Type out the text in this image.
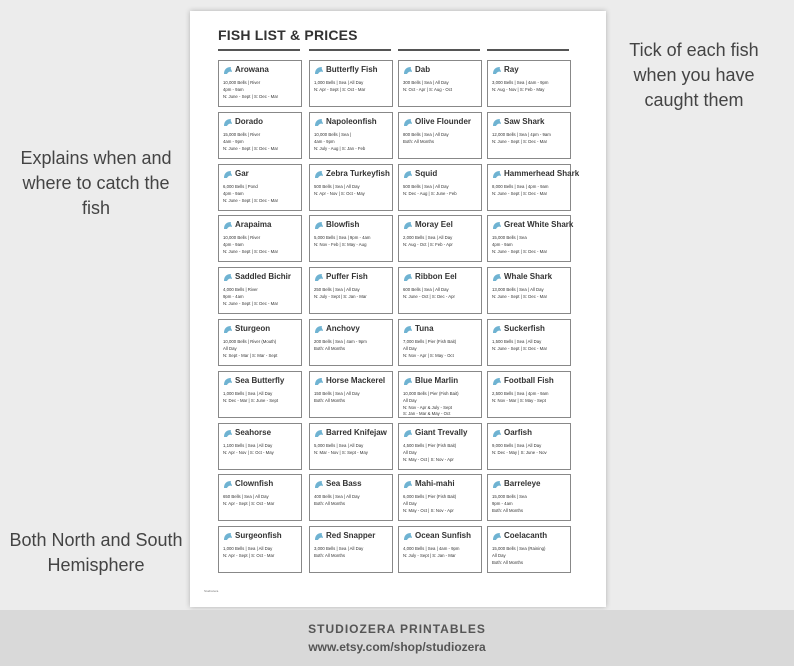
Tick of each fish when you have caught them
Explains when and where to catch the fish
Both North and South Hemisphere
FISH LIST & PRICES
Arowana
10,000 Bells | River
4pm - 9am
N: June - Sept | S: Dec - Mar
Dorado
15,000 Bells | River
4am - 9pm
N: June - Sept | S: Dec - Mar
Gar
6,000 Bells | Pond
4pm - 9am
N: June - Sept | S: Dec - Mar
Arapaima
10,000 Bells | River
4pm - 9am
N: June - Sept | S: Dec - Mar
Saddled Bichir
4,000 Bells | River
9pm - 4am
N: June - Sept | S: Dec - Mar
Sturgeon
10,000 Bells | River (Mouth)
All Day
N: Sept - Mar | S: Mar - Sept
Sea Butterfly
1,000 Bells | Sea | All Day
N: Dec - Mar | S: June - Sept
Seahorse
1,100 Bells | Sea | All Day
N: Apr - Nov | S: Oct - May
Clownfish
650 Bells | Sea | All Day
N: Apr - Sept | S: Oct - Mar
Surgeonfish
1,000 Bells | Sea | All Day
N: Apr - Sept | S: Oct - Mar
Butterfly Fish
1,000 Bells | Sea | All Day
N: Apr - Sept | S: Oct - Mar
Napoleonfish
10,000 Bells | Sea |
4am - 9pm
N: July - Aug | S: Jan - Feb
Zebra Turkeyfish
500 Bells | Sea | All Day
N: Apr - Nov | S: Oct - May
Blowfish
5,000 Bells | Sea | 9pm - 4am
N: Nov - Feb | S: May - Aug
Puffer Fish
250 Bells | Sea | All Day
N: July - Sept | S: Jan - Mar
Anchovy
200 Bells | Sea | 4am - 9pm
Both: All Months
Horse Mackerel
150 Bells | Sea | All Day
Both: All Months
Barred Knifejaw
5,000 Bells | Sea | All Day
N: Mar - Nov | S: Sept - May
Sea Bass
400 Bells | Sea | All Day
Both: All Months
Red Snapper
3,000 Bells | Sea | All Day
Both: All Months
Dab
300 Bells | Sea | All Day
N: Oct - Apr | S: Aug - Oct
Olive Flounder
800 Bells | Sea | All Day
Both: All Months
Squid
500 Bells | Sea | All Day
N: Dec - Aug | S: June - Feb
Moray Eel
2,000 Bells | Sea | All Day
N: Aug - Oct | S: Feb - Apr
Ribbon Eel
600 Bells | Sea | All Day
N: June - Oct | S: Dec - Apr
Tuna
7,000 Bells | Pier (Fish Bait)
All Day
N: Nov - Apr | S: May - Oct
Blue Marlin
10,000 Bells | Pier (Fish Bait)
All Day
N: Nov - Apr & July - Sept
S: Jan - Mar & May - Oct
Giant Trevally
4,500 Bells | Pier (Fish Bait)
All Day
N: May - Oct | S: Nov - Apr
Mahi-mahi
6,000 Bells | Pier (Fish Bait)
All Day
N: May - Oct | S: Nov - Apr
Ocean Sunfish
4,000 Bells | Sea | 4am - 9pm
N: July - Sept | S: Jan - Mar
Ray
3,000 Bells | Sea | 4am - 9pm
N: Aug - Nov | S: Feb - May
Saw Shark
12,000 Bells | Sea | 4pm - 9am
N: June - Sept | S: Dec - Mar
Hammerhead Shark
8,000 Bells | Sea | 4pm - 9am
N: June - Sept | S: Dec - Mar
Great White Shark
15,000 Bells | Sea
4pm - 9am
N: June - Sept | S: Dec - Mar
Whale Shark
13,000 Bells | Sea | All Day
N: June - Sept | S: Dec - Mar
Suckerfish
1,500 Bells | Sea | All Day
N: June - Sept | S: Dec - Mar
Football Fish
2,500 Bells | Sea | 4pm - 9am
N: Nov - Mar | S: May - Sept
Oarfish
9,000 Bells | Sea | All Day
N: Dec - May | S: June - Nov
Barreleye
15,000 Bells | Sea
9pm - 4am
Both: All Months
Coelacanth
15,000 Bells | Sea (Raining)
All Day
Both: All Months
Studiozera
STUDIOZERA PRINTABLES
www.etsy.com/shop/studiozera
